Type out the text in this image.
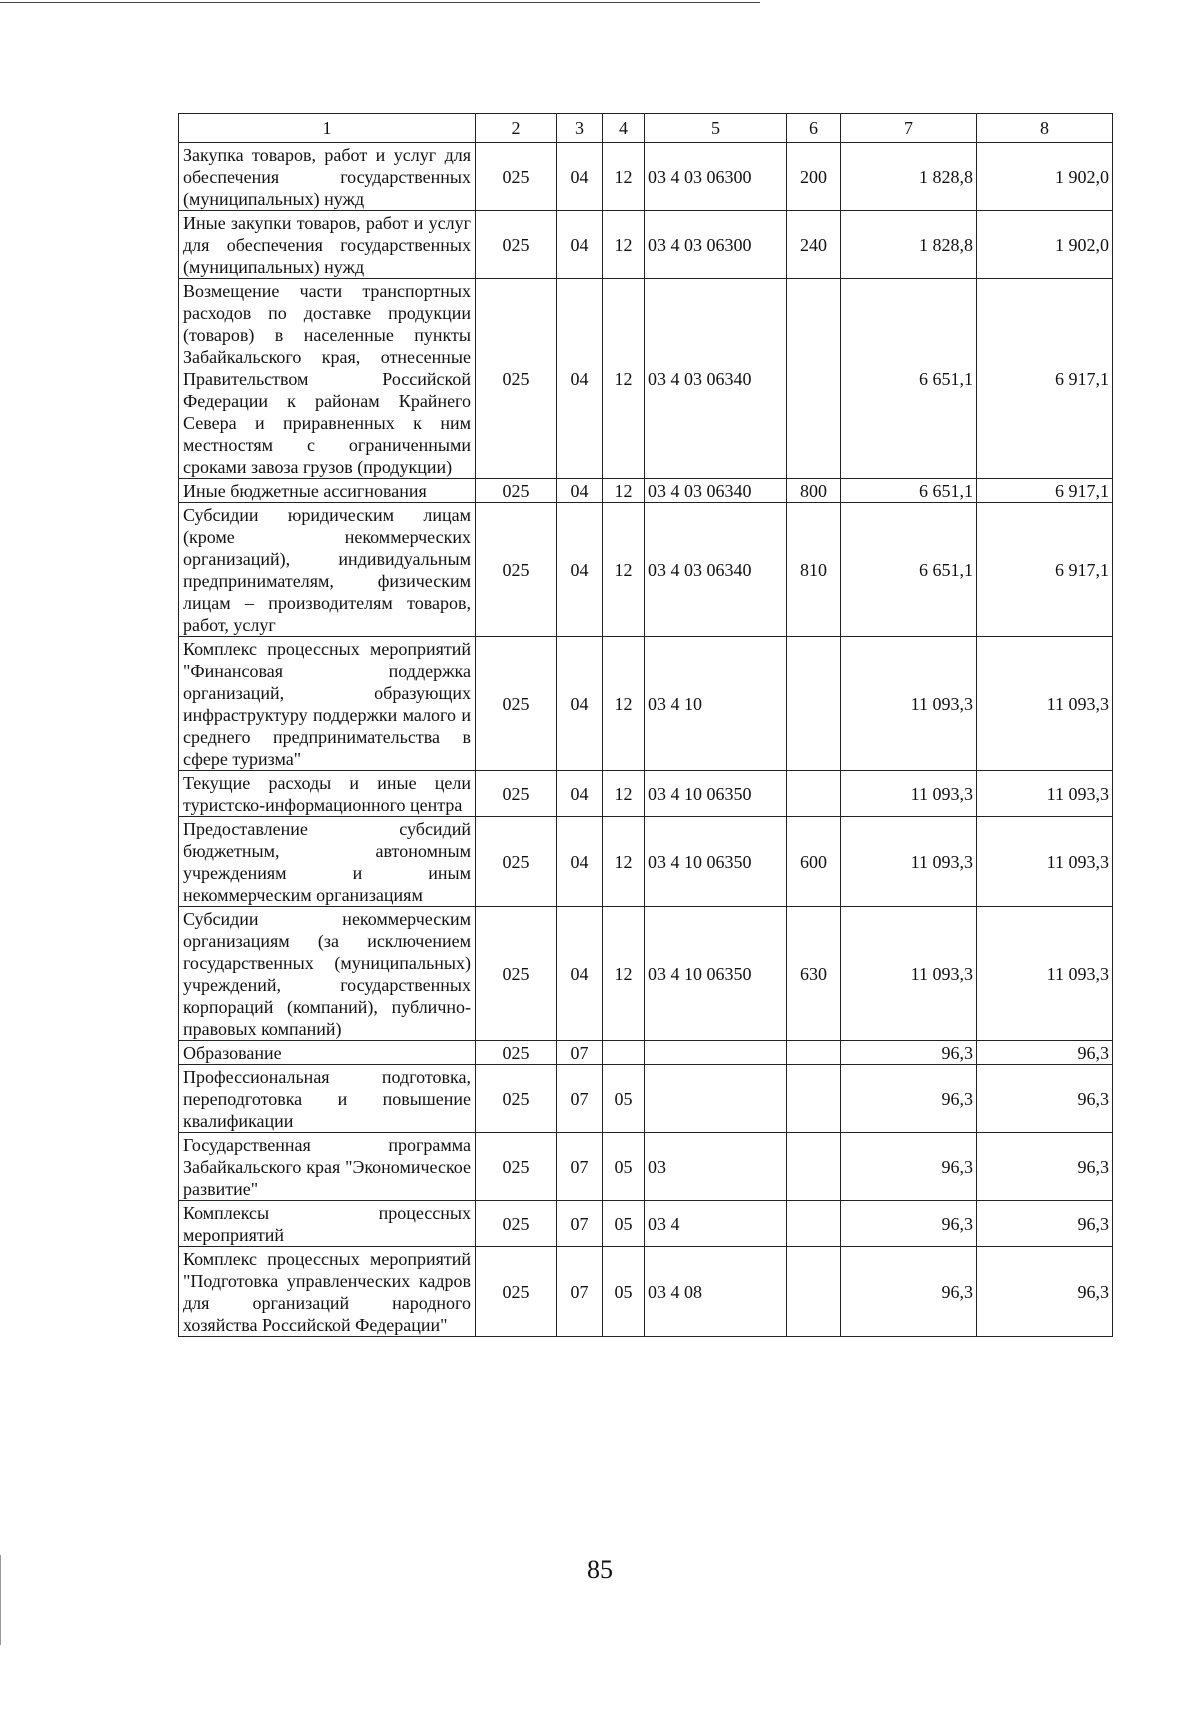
1	2	3	4	5	6	7	8
Закупка товаров, работ и услуг для обеспечения государственных (муниципальных) нужд	025	04	12	03 4 03 06300	200	1 828,8	1 902,0
Иные закупки товаров, работ и услуг для обеспечения государственных (муниципальных) нужд	025	04	12	03 4 03 06300	240	1 828,8	1 902,0
Возмещение части транспортных расходов по доставке продукции (товаров) в населенные пункты Забайкальского края, отнесенные Правительством Российской Федерации к районам Крайнего Севера и приравненных к ним местностям с ограниченными сроками завоза грузов (продукции)	025	04	12	03 4 03 06340		6 651,1	6 917,1
Иные бюджетные ассигнования	025	04	12	03 4 03 06340	800	6 651,1	6 917,1
Субсидии юридическим лицам (кроме некоммерческих организаций), индивидуальным предпринимателям, физическим лицам – производителям товаров, работ, услуг	025	04	12	03 4 03 06340	810	6 651,1	6 917,1
Комплекс процессных мероприятий "Финансовая поддержка организаций, образующих инфраструктуру поддержки малого и среднего предпринимательства в сфере туризма"	025	04	12	03 4 10		11 093,3	11 093,3
Текущие расходы и иные цели туристско-информационного центра	025	04	12	03 4 10 06350		11 093,3	11 093,3
Предоставление субсидий бюджетным, автономным учреждениям и иным некоммерческим организациям	025	04	12	03 4 10 06350	600	11 093,3	11 093,3
Субсидии некоммерческим организациям (за исключением государственных (муниципальных) учреждений, государственных корпораций (компаний), публично-правовых компаний)	025	04	12	03 4 10 06350	630	11 093,3	11 093,3
Образование	025	07				96,3	96,3
Профессиональная подготовка, переподготовка и повышение квалификации	025	07	05			96,3	96,3
Государственная программа Забайкальского края "Экономическое развитие"	025	07	05	03		96,3	96,3
Комплексы процессных мероприятий	025	07	05	03 4		96,3	96,3
Комплекс процессных мероприятий "Подготовка управленческих кадров для организаций народного хозяйства Российской Федерации"	025	07	05	03 4 08		96,3	96,3
85
